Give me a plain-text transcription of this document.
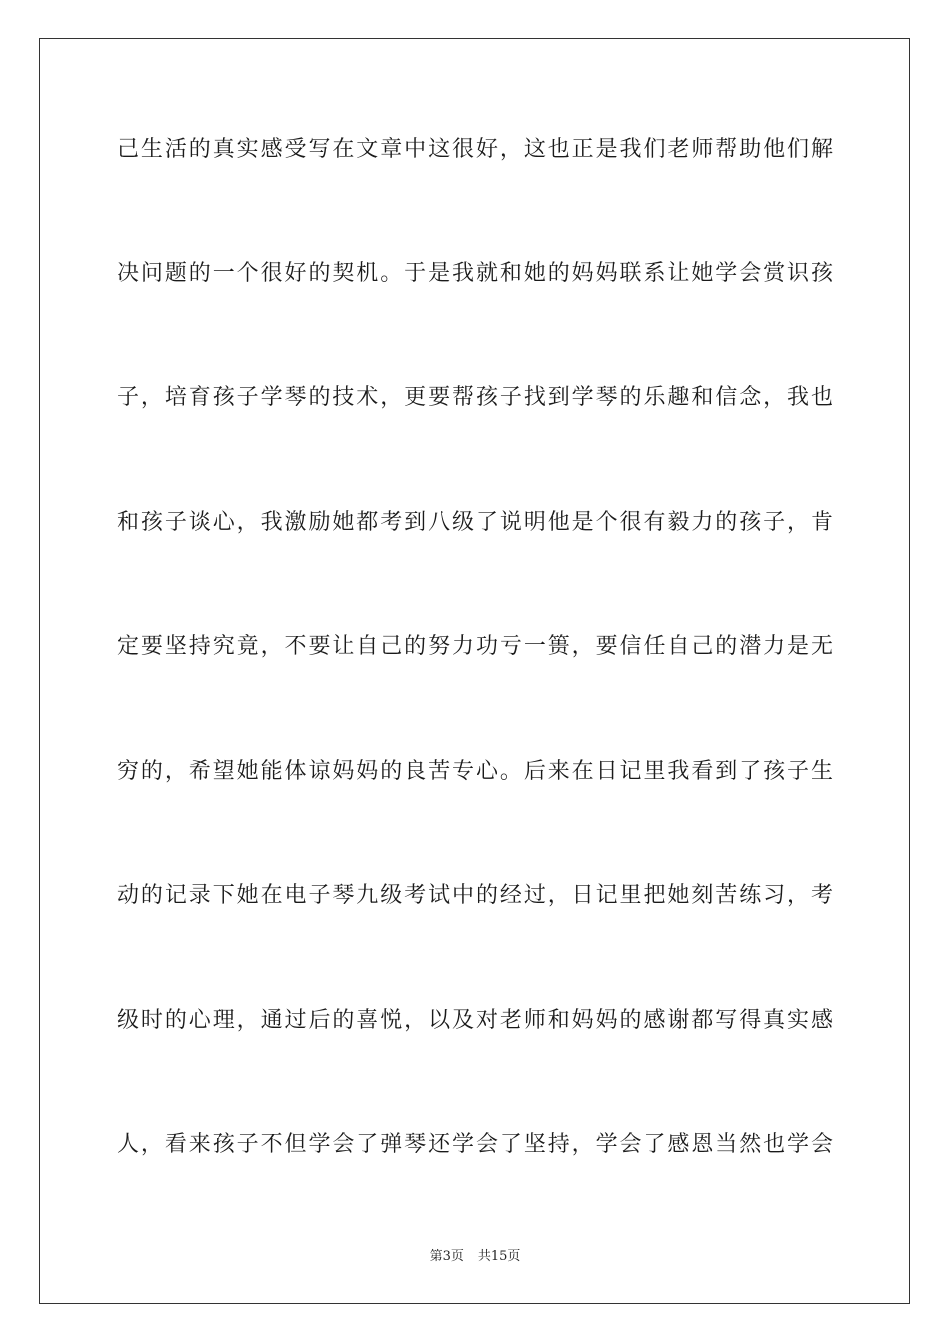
己生活的真实感受写在文章中这很好，这也正是我们老师帮助他们解
决问题的一个很好的契机。于是我就和她的妈妈联系让她学会赏识孩
子，培育孩子学琴的技术，更要帮孩子找到学琴的乐趣和信念，我也
和孩子谈心，我激励她都考到八级了说明他是个很有毅力的孩子，肯
定要坚持究竟，不要让自己的努力功亏一篑，要信任自己的潜力是无
穷的，希望她能体谅妈妈的良苦专心。后来在日记里我看到了孩子生
动的记录下她在电子琴九级考试中的经过，日记里把她刻苦练习，考
级时的心理，通过后的喜悦，以及对老师和妈妈的感谢都写得真实感
人，看来孩子不但学会了弹琴还学会了坚持，学会了感恩当然也学会
第3页 共15页
